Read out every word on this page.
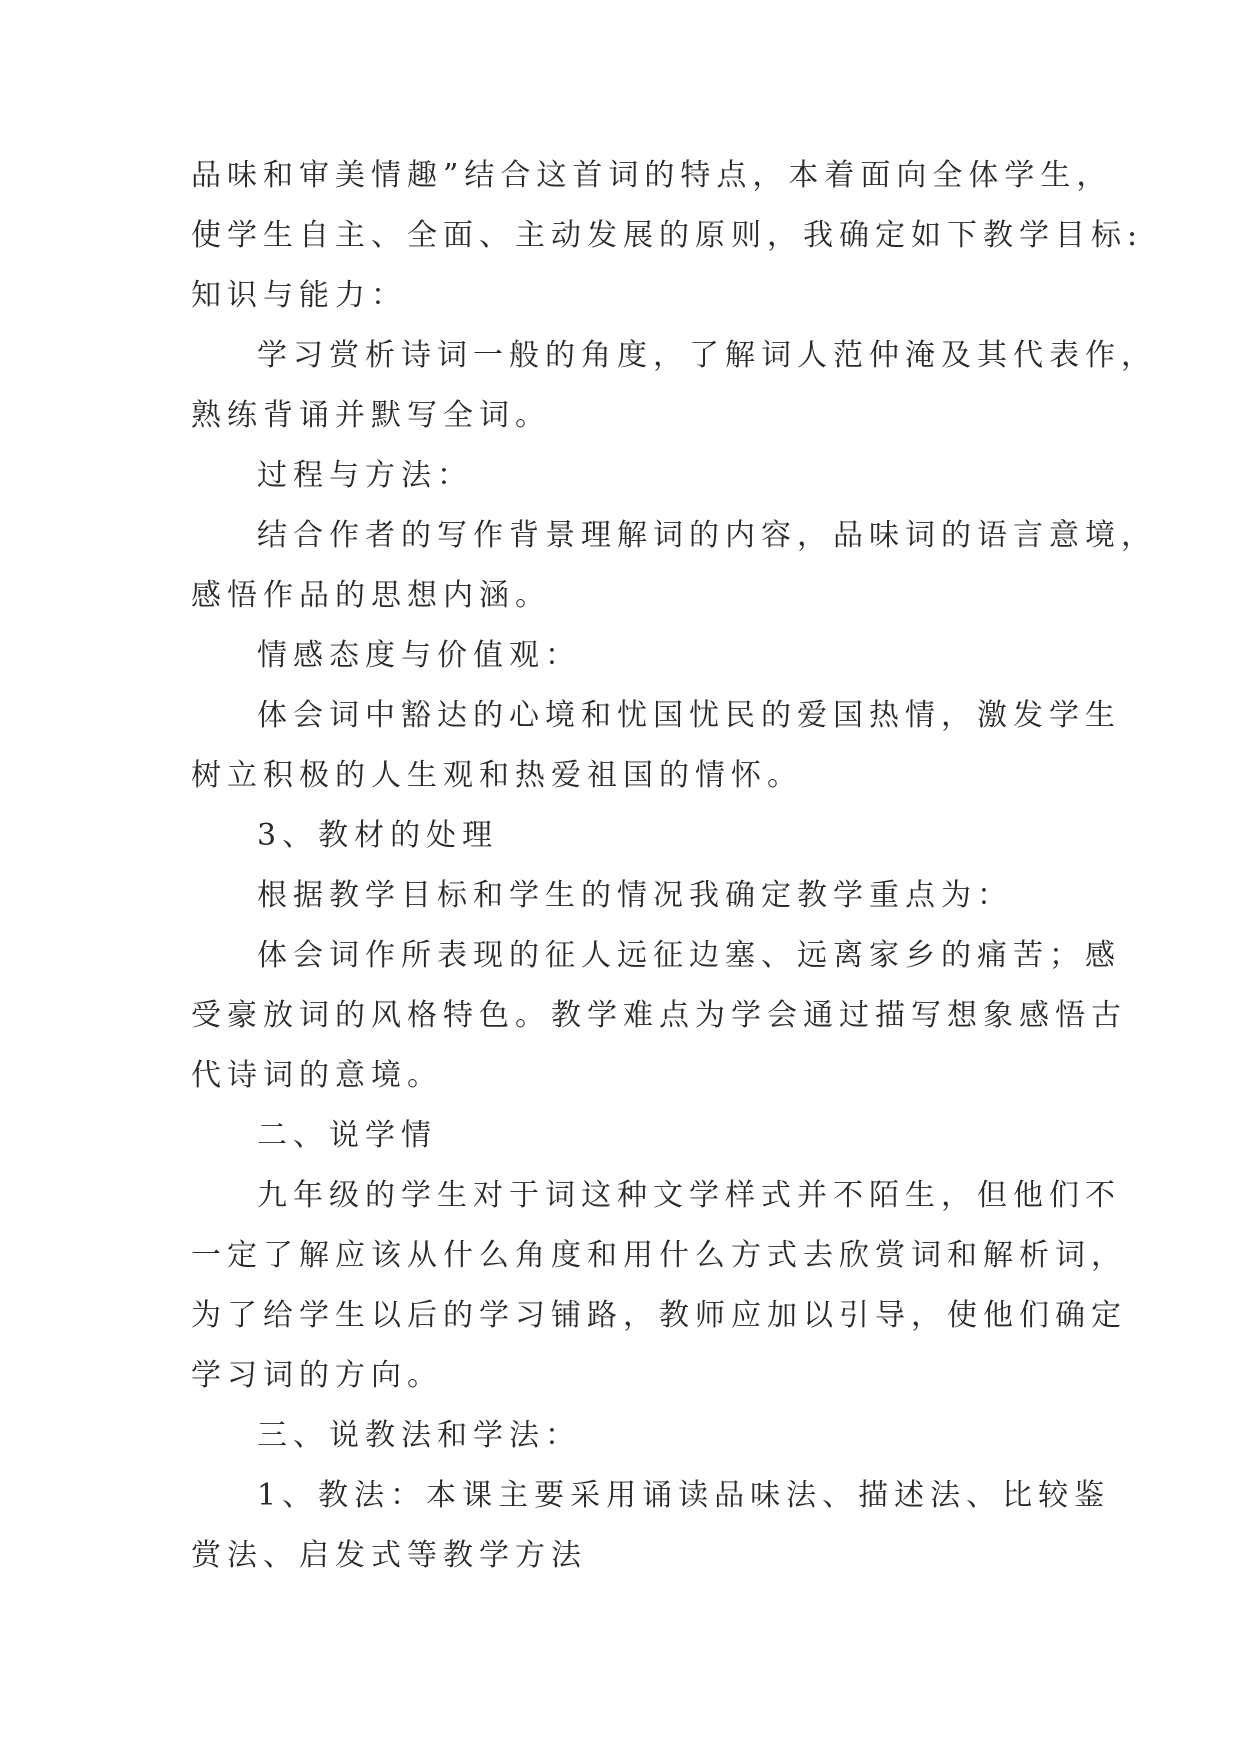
品味和审美情趣”结合这首词的特点，本着面向全体学生，
使学生自主、全面、主动发展的原则，我确定如下教学目标:
知识与能力：
学习赏析诗词一般的角度，了解词人范仲淹及其代表作，
熟练背诵并默写全词。
过程与方法：
结合作者的写作背景理解词的内容，品味词的语言意境，
感悟作品的思想内涵。
情感态度与价值观：
体会词中豁达的心境和忧国忧民的爱国热情，激发学生
树立积极的人生观和热爱祖国的情怀。
3、教材的处理
根据教学目标和学生的情况我确定教学重点为：
体会词作所表现的征人远征边塞、远离家乡的痛苦；感
受豪放词的风格特色。教学难点为学会通过描写想象感悟古
代诗词的意境。
二、说学情
九年级的学生对于词这种文学样式并不陌生，但他们不
一定了解应该从什么角度和用什么方式去欣赏词和解析词，
为了给学生以后的学习铺路，教师应加以引导，使他们确定
学习词的方向。
三、说教法和学法：
1、教法：本课主要采用诵读品味法、描述法、比较鉴
赏法、启发式等教学方法
